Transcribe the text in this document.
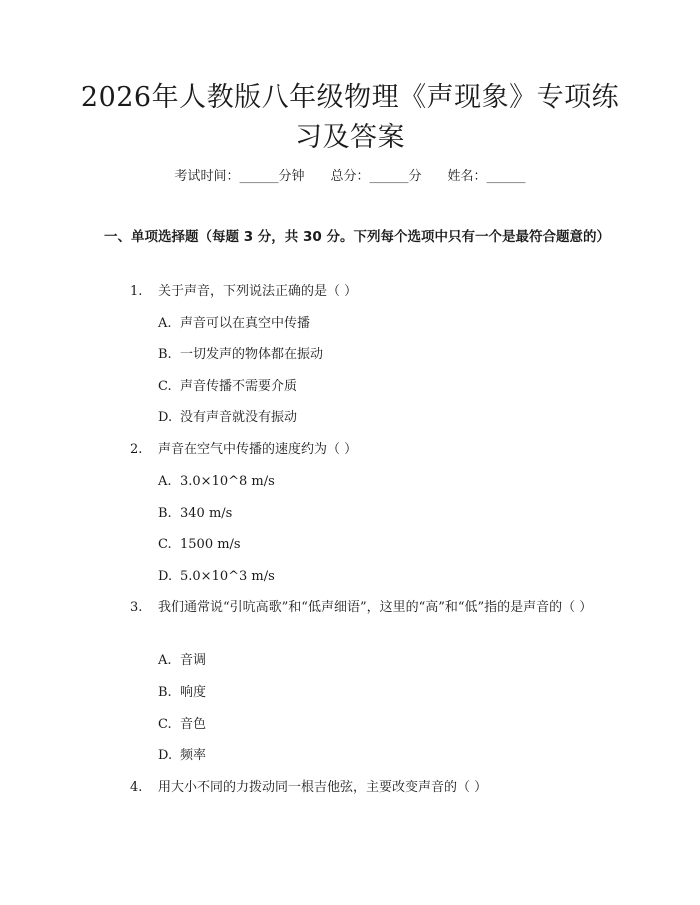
2026年人教版八年级物理《声现象》专项练习及答案
考试时间：______分钟 总分：______分 姓名：______
一、单项选择题（每题 3 分，共 30 分。下列每个选项中只有一个是最符合题意的）
1. 关于声音，下列说法正确的是（ ）
A. 声音可以在真空中传播
B. 一切发声的物体都在振动
C. 声音传播不需要介质
D. 没有声音就没有振动
2. 声音在空气中传播的速度约为（ ）
A. 3.0×10^8 m/s
B. 340 m/s
C. 1500 m/s
D. 5.0×10^3 m/s
3. 我们通常说“引吭高歌”和“低声细语”，这里的“高”和“低”指的是声音的（ ）
A. 音调
B. 响度
C. 音色
D. 频率
4. 用大小不同的力拨动同一根吉他弦，主要改变声音的（ ）
